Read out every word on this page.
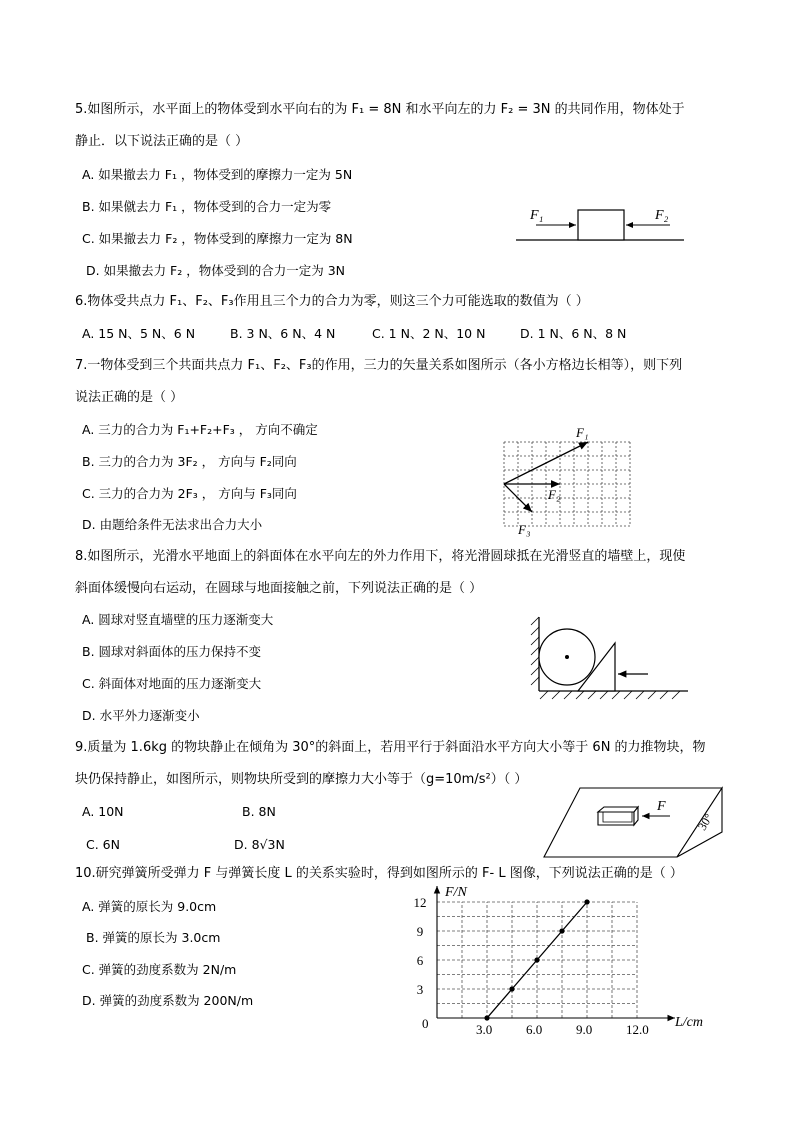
5.如图所示，水平面上的物体受到水平向右的为 F₁ = 8N 和水平向左的力 F₂ = 3N 的共同作用，物体处于
静止．以下说法正确的是（ ）
A. 如果撤去力 F₁ ，物体受到的摩擦力一定为 5N
B. 如果僦去力 F₁ ，物体受到的合力一定为零
C. 如果撤去力 F₂ ，物体受到的摩擦力一定为 8N
D. 如果撤去力 F₂ ，物体受到的合力一定为 3N
F₁	F₂
6.物体受共点力 F₁、F₂、F₃作用且三个力的合力为零，则这三个力可能选取的数值为（ ）
A. 15 N、5 N、6 N	B. 3 N、6 N、4 N	C. 1 N、2 N、10 N	D. 1 N、6 N、8 N
7.一物体受到三个共面共点力 F₁、F₂、F₃的作用，三力的矢量关系如图所示（各小方格边长相等），则下列
说法正确的是（ ）
A. 三力的合力为 F₁+F₂+F₃ ， 方向不确定
B. 三力的合力为 3F₂ ， 方向与 F₂同向
C. 三力的合力为 2F₃ ， 方向与 F₃同向
D. 由题给条件无法求出合力大小
F₁
F₂
F₃
8.如图所示，光滑水平地面上的斜面体在水平向左的外力作用下，将光滑圆球抵在光滑竖直的墙壁上，现使
斜面体缓慢向右运动，在圆球与地面接触之前，下列说法正确的是（ ）
A. 圆球对竖直墙壁的压力逐渐变大
B. 圆球对斜面体的压力保持不变
C. 斜面体对地面的压力逐渐变大
D. 水平外力逐渐变小
9.质量为 1.6kg 的物块静止在倾角为 30°的斜面上，若用平行于斜面沿水平方向大小等于 6N 的力推物块，物
块仍保持静止，如图所示，则物块所受到的摩擦力大小等于（g=10m/s²）（ ）
A. 10N	B. 8N
C. 6N	D. 8√3N
F
30°
10.研究弹簧所受弹力 F 与弹簧长度 L 的关系实验时，得到如图所示的 F- L 图像，下列说法正确的是（ ）
A. 弹簧的原长为 9.0cm
B. 弹簧的原长为 3.0cm
C. 弹簧的劲度系数为 2N/m
D. 弹簧的劲度系数为 200N/m
3.0	6.0	9.0	12.0
3
6
9
12
F/N
L/cm
0
